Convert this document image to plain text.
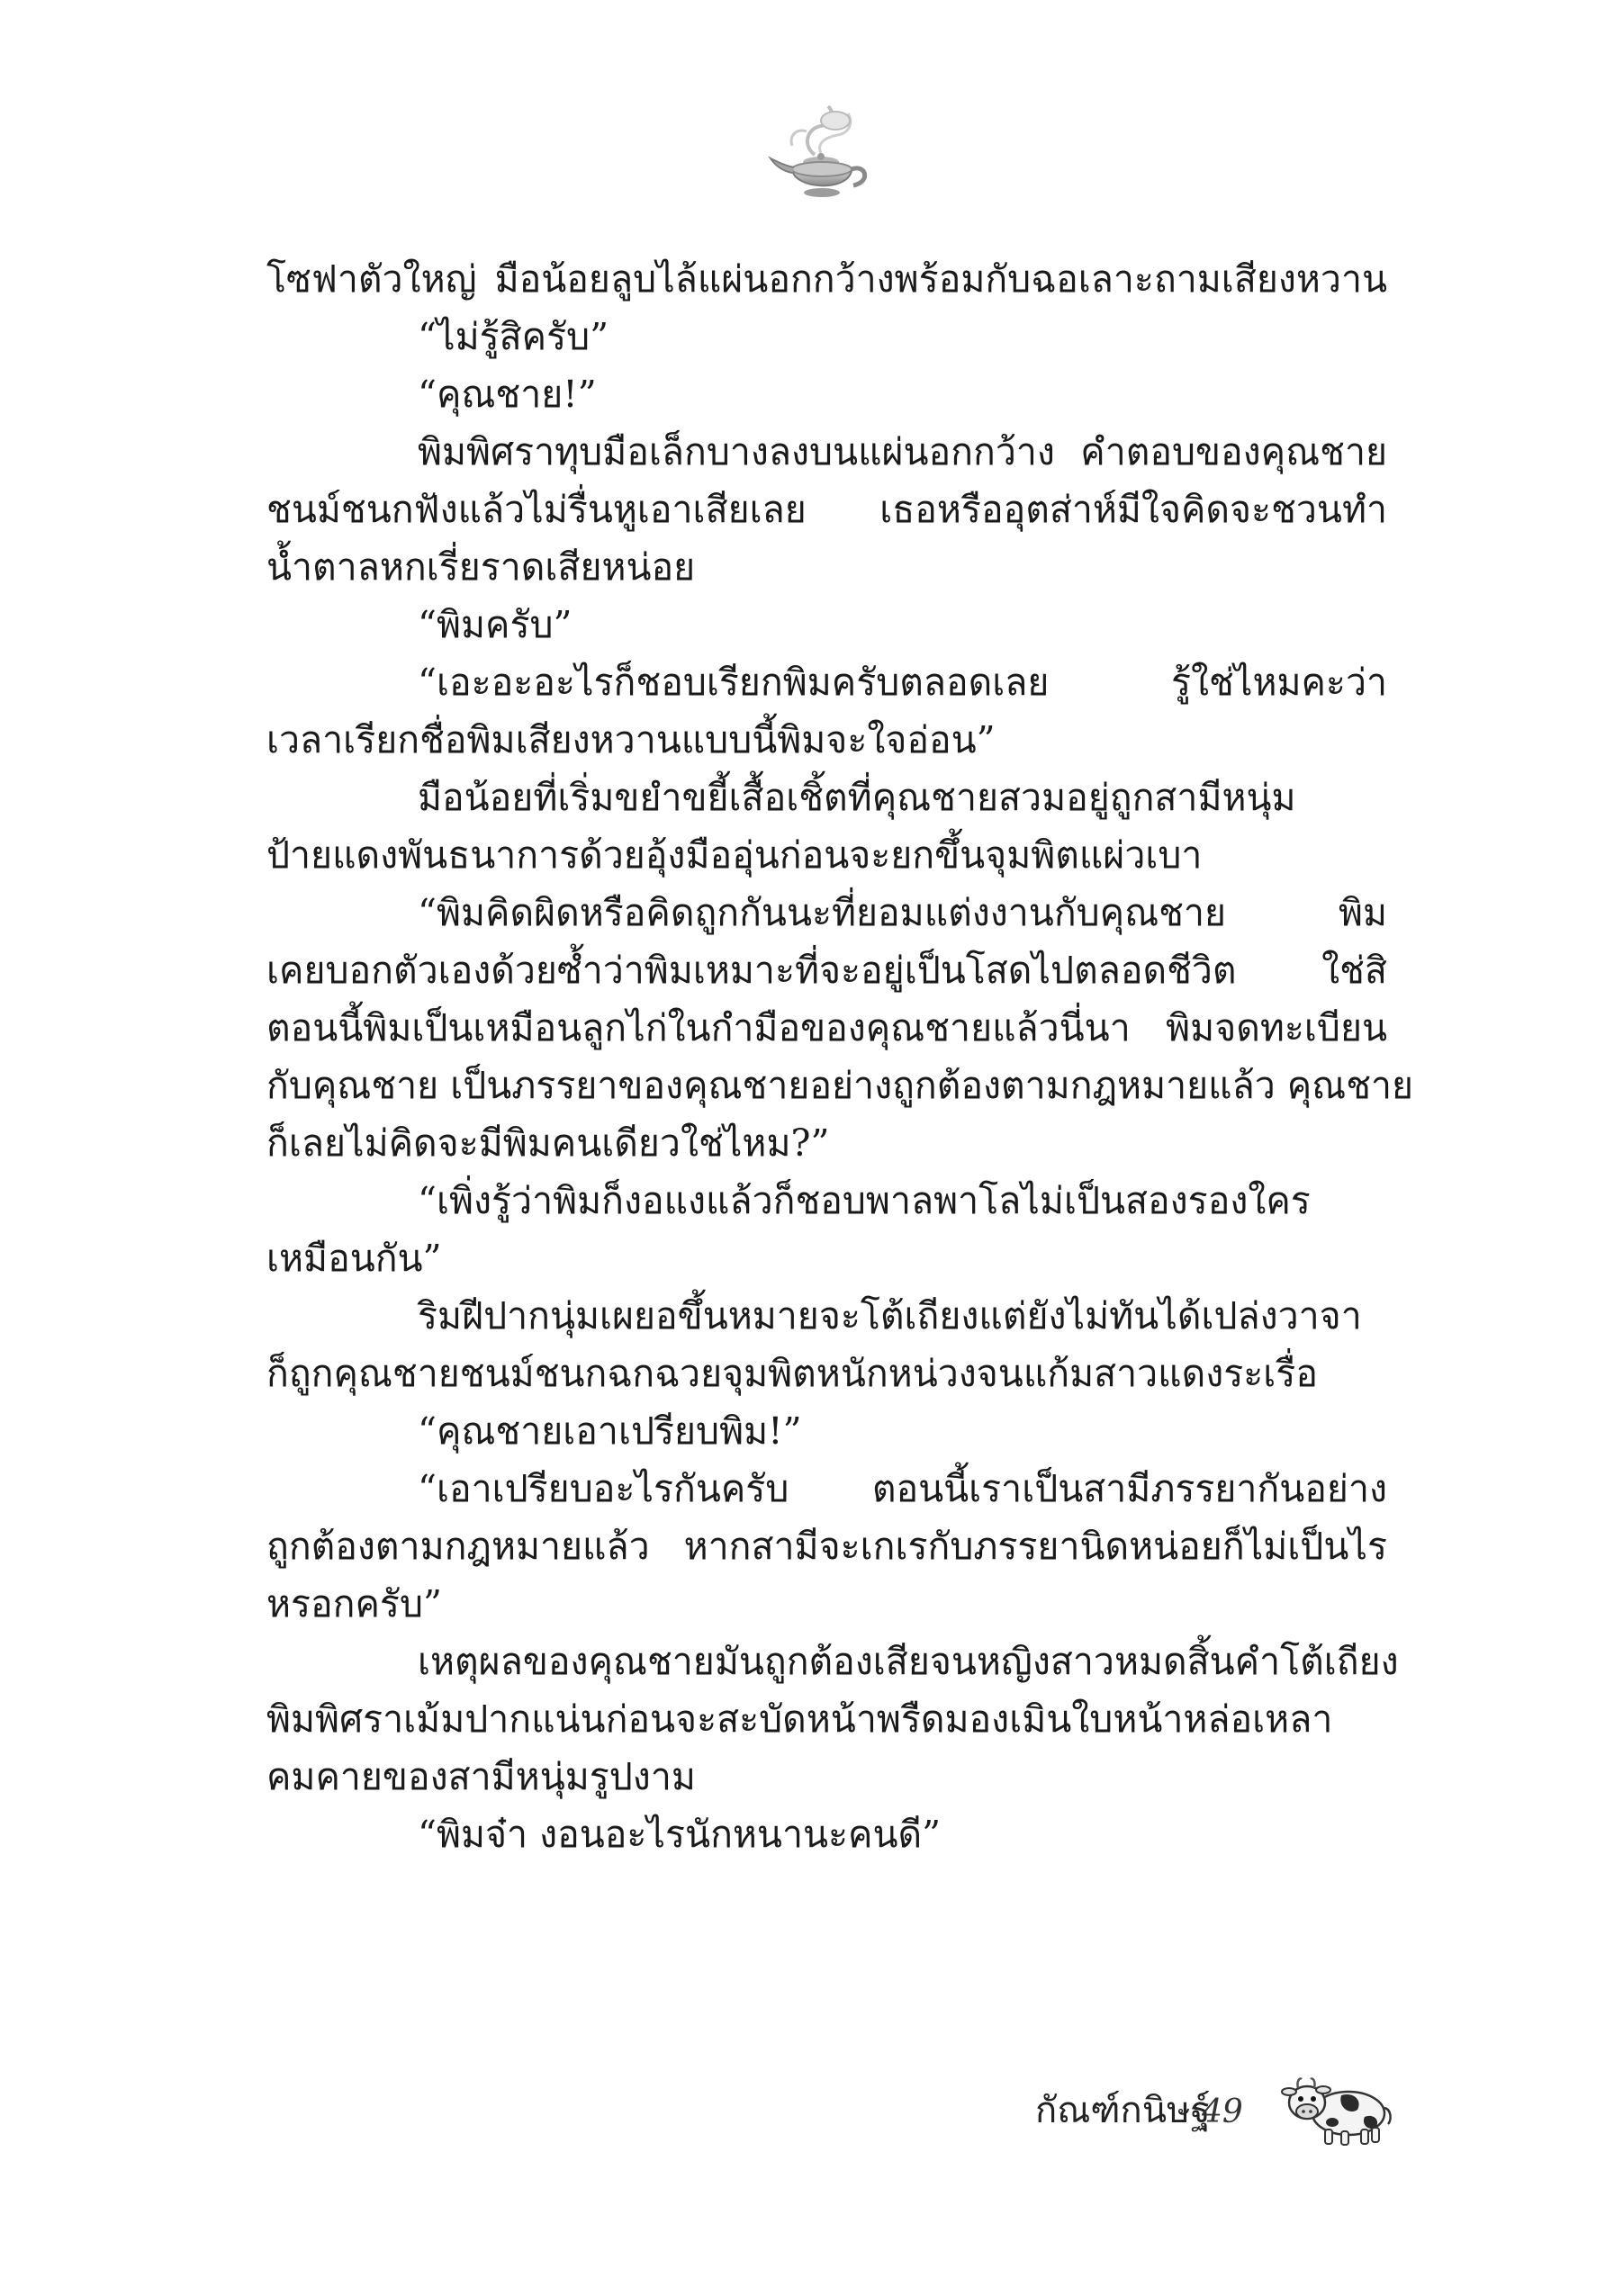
โซฟาตัวใหญ่ มือน้อยลูบไล้แผ่นอกกว้างพร้อมกับฉอเลาะถามเสียงหวาน
“ไม่รู้สิครับ”
“คุณชาย!”
พิมพิศราทุบมือเล็กบางลงบนแผ่นอกกว้าง คำตอบของคุณชาย
ชนม์ชนกฟังแล้วไม่รื่นหูเอาเสียเลย เธอหรืออุตส่าห์มีใจคิดจะชวนทำ
น้ำตาลหกเรี่ยราดเสียหน่อย
“พิมครับ”
“เอะอะอะไรก็ชอบเรียกพิมครับตลอดเลย รู้ใช่ไหมคะว่า
เวลาเรียกชื่อพิมเสียงหวานแบบนี้พิมจะใจอ่อน”
มือน้อยที่เริ่มขยำขยี้เสื้อเชิ้ตที่คุณชายสวมอยู่ถูกสามีหนุ่ม
ป้ายแดงพันธนาการด้วยอุ้งมืออุ่นก่อนจะยกขึ้นจุมพิตแผ่วเบา
“พิมคิดผิดหรือคิดถูกกันนะที่ยอมแต่งงานกับคุณชาย พิม
เคยบอกตัวเองด้วยซ้ำว่าพิมเหมาะที่จะอยู่เป็นโสดไปตลอดชีวิต ใช่สิ
ตอนนี้พิมเป็นเหมือนลูกไก่ในกำมือของคุณชายแล้วนี่นา พิมจดทะเบียน
กับคุณชาย เป็นภรรยาของคุณชายอย่างถูกต้องตามกฎหมายแล้ว คุณชาย
ก็เลยไม่คิดจะมีพิมคนเดียวใช่ไหม?”
“เพิ่งรู้ว่าพิมก็งอแงแล้วก็ชอบพาลพาโลไม่เป็นสองรองใคร
เหมือนกัน”
ริมฝีปากนุ่มเผยอขึ้นหมายจะโต้เถียงแต่ยังไม่ทันได้เปล่งวาจา
ก็ถูกคุณชายชนม์ชนกฉกฉวยจุมพิตหนักหน่วงจนแก้มสาวแดงระเรื่อ
“คุณชายเอาเปรียบพิม!”
“เอาเปรียบอะไรกันครับ ตอนนี้เราเป็นสามีภรรยากันอย่าง
ถูกต้องตามกฎหมายแล้ว หากสามีจะเกเรกับภรรยานิดหน่อยก็ไม่เป็นไร
หรอกครับ”
เหตุผลของคุณชายมันถูกต้องเสียจนหญิงสาวหมดสิ้นคำโต้เถียง
พิมพิศราเม้มปากแน่นก่อนจะสะบัดหน้าพรืดมองเมินใบหน้าหล่อเหลา
คมคายของสามีหนุ่มรูปงาม
“พิมจ๋า งอนอะไรนักหนานะคนดี”
กัณฑ์กนิษฐ์
49
